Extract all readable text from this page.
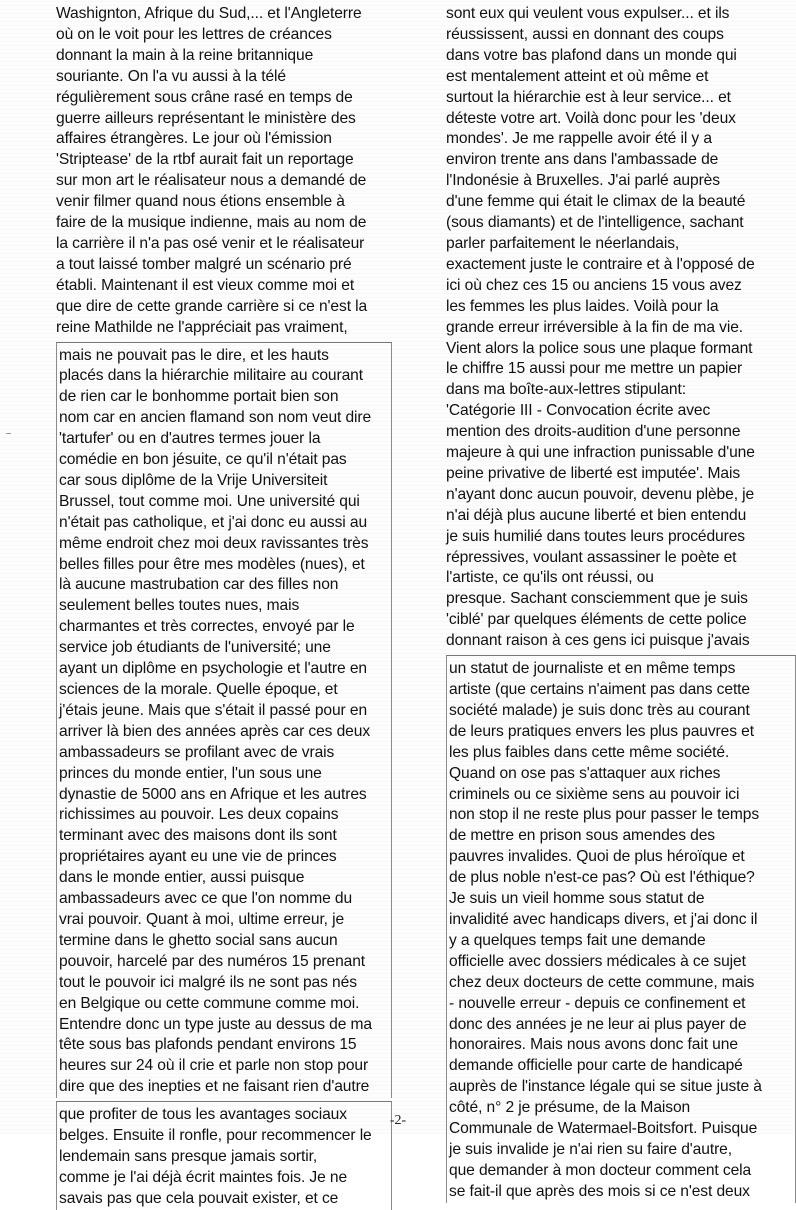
Washignton, Afrique du Sud,... et l'Angleterre
où on le voit pour les lettres de créances
donnant la main à la reine britannique
souriante. On l'a vu aussi à la télé
régulièrement sous crâne rasé en temps de
guerre ailleurs représentant le ministère des
affaires étrangères. Le jour où l'émission
'Striptease' de la rtbf aurait fait un reportage
sur mon art le réalisateur nous a demandé de
venir filmer quand nous étions ensemble à
faire de la musique indienne, mais au nom de
la carrière il n'a pas osé venir et le réalisateur
a tout laissé tomber malgré un scénario pré
établi. Maintenant il est vieux comme moi et
que dire de cette grande carrière si ce n'est la
reine Mathilde ne l'appréciait pas vraiment,
mais ne pouvait pas le dire, et les hauts
placés dans la hiérarchie militaire au courant
de rien car le bonhomme portait bien son
nom car en ancien flamand son nom veut dire
'tartufer' ou en d'autres termes jouer la
comédie en bon jésuite, ce qu'il n'était pas
car sous diplôme de la Vrije Universiteit
Brussel, tout comme moi. Une université qui
n'était pas catholique, et j'ai donc eu aussi au
même endroit chez moi deux ravissantes très
belles filles pour être mes modèles (nues), et
là aucune mastrubation car des filles non
seulement belles toutes nues, mais
charmantes et très correctes, envoyé par le
service job étudiants de l'université; une
ayant un diplôme en psychologie et l'autre en
sciences de la morale. Quelle époque, et
j'étais jeune. Mais que s'était il passé pour en
arriver là bien des années après car ces deux
ambassadeurs se profilant avec de vrais
princes du monde entier, l'un sous une
dynastie de 5000 ans en Afrique et les autres
richissimes au pouvoir. Les deux copains
terminant avec des maisons dont ils sont
propriétaires ayant eu une vie de princes
dans le monde entier, aussi puisque
ambassadeurs avec ce que l'on nomme du
vrai pouvoir. Quant à moi, ultime erreur, je
termine dans le ghetto social sans aucun
pouvoir, harcelé par des numéros 15 prenant
tout le pouvoir ici malgré ils ne sont pas nés
en Belgique ou cette commune comme moi.
Entendre donc un type juste au dessus de ma
tête sous bas plafonds pendant environs 15
heures sur 24 où il crie et parle non stop pour
dire que des inepties et ne faisant rien d'autre
que profiter de tous les avantages sociaux
belges. Ensuite il ronfle, pour recommencer le
lendemain sans presque jamais sortir,
comme je l'ai déjà écrit maintes fois. Je ne
savais pas que cela pouvait exister, et ce
sont eux qui veulent vous expulser... et ils
réussissent, aussi en donnant des coups
dans votre bas plafond dans un monde qui
est mentalement atteint et où même et
surtout la hiérarchie est à leur service... et
déteste votre art. Voilà donc pour les 'deux
mondes'. Je me rappelle avoir été il y a
environ trente ans dans l'ambassade de
l'Indonésie à Bruxelles. J'ai parlé auprès
d'une femme qui était le climax de la beauté
(sous diamants) et de l'intelligence, sachant
parler parfaitement le néerlandais,
exactement juste le contraire et à l'opposé de
ici où chez ces 15 ou anciens 15 vous avez
les femmes les plus laides. Voilà pour la
grande erreur irréversible à la fin de ma vie.
Vient alors la police sous une plaque formant
le chiffre 15 aussi pour me mettre un papier
dans ma boîte-aux-lettres stipulant:
'Catégorie III - Convocation écrite avec
mention des droits-audition d'une personne
majeure à qui une infraction punissable d'une
peine privative de liberté est imputée'. Mais
n'ayant donc aucun pouvoir, devenu plèbe, je
n'ai déjà plus aucune liberté et bien entendu
je suis humilié dans toutes leurs procédures
répressives, voulant assassiner le poète et
l'artiste, ce qu'ils ont réussi, ou
presque. Sachant consciemment que je suis
'ciblé' par quelques éléments de cette police
donnant raison à ces gens ici puisque j'avais
un statut de journaliste et en même temps
artiste (que certains n'aiment pas dans cette
société malade) je suis donc très au courant
de leurs pratiques envers les plus pauvres et
les plus faibles dans cette même société.
Quand on ose pas s'attaquer aux riches
criminels ou ce sixième sens au pouvoir ici
non stop il ne reste plus pour passer le temps
de mettre en prison sous amendes des
pauvres invalides. Quoi de plus héroïque et
de plus noble n'est-ce pas? Où est l'éthique?
Je suis un vieil homme sous statut de
invalidité avec handicaps divers, et j'ai donc il
y a quelques temps fait une demande
officielle avec dossiers médicales à ce sujet
chez deux docteurs de cette commune, mais
- nouvelle erreur - depuis ce confinement et
donc des années je ne leur ai plus payer de
honoraires. Mais nous avons donc fait une
demande officielle pour carte de handicapé
auprès de l'instance légale qui se situe juste à
côté, n° 2 je présume, de la Maison
Communale de Watermael-Boitsfort. Puisque
je suis invalide je n'ai rien su faire d'autre,
que demander à mon docteur comment cela
se fait-il que après des mois si ce n'est deux
-2-
